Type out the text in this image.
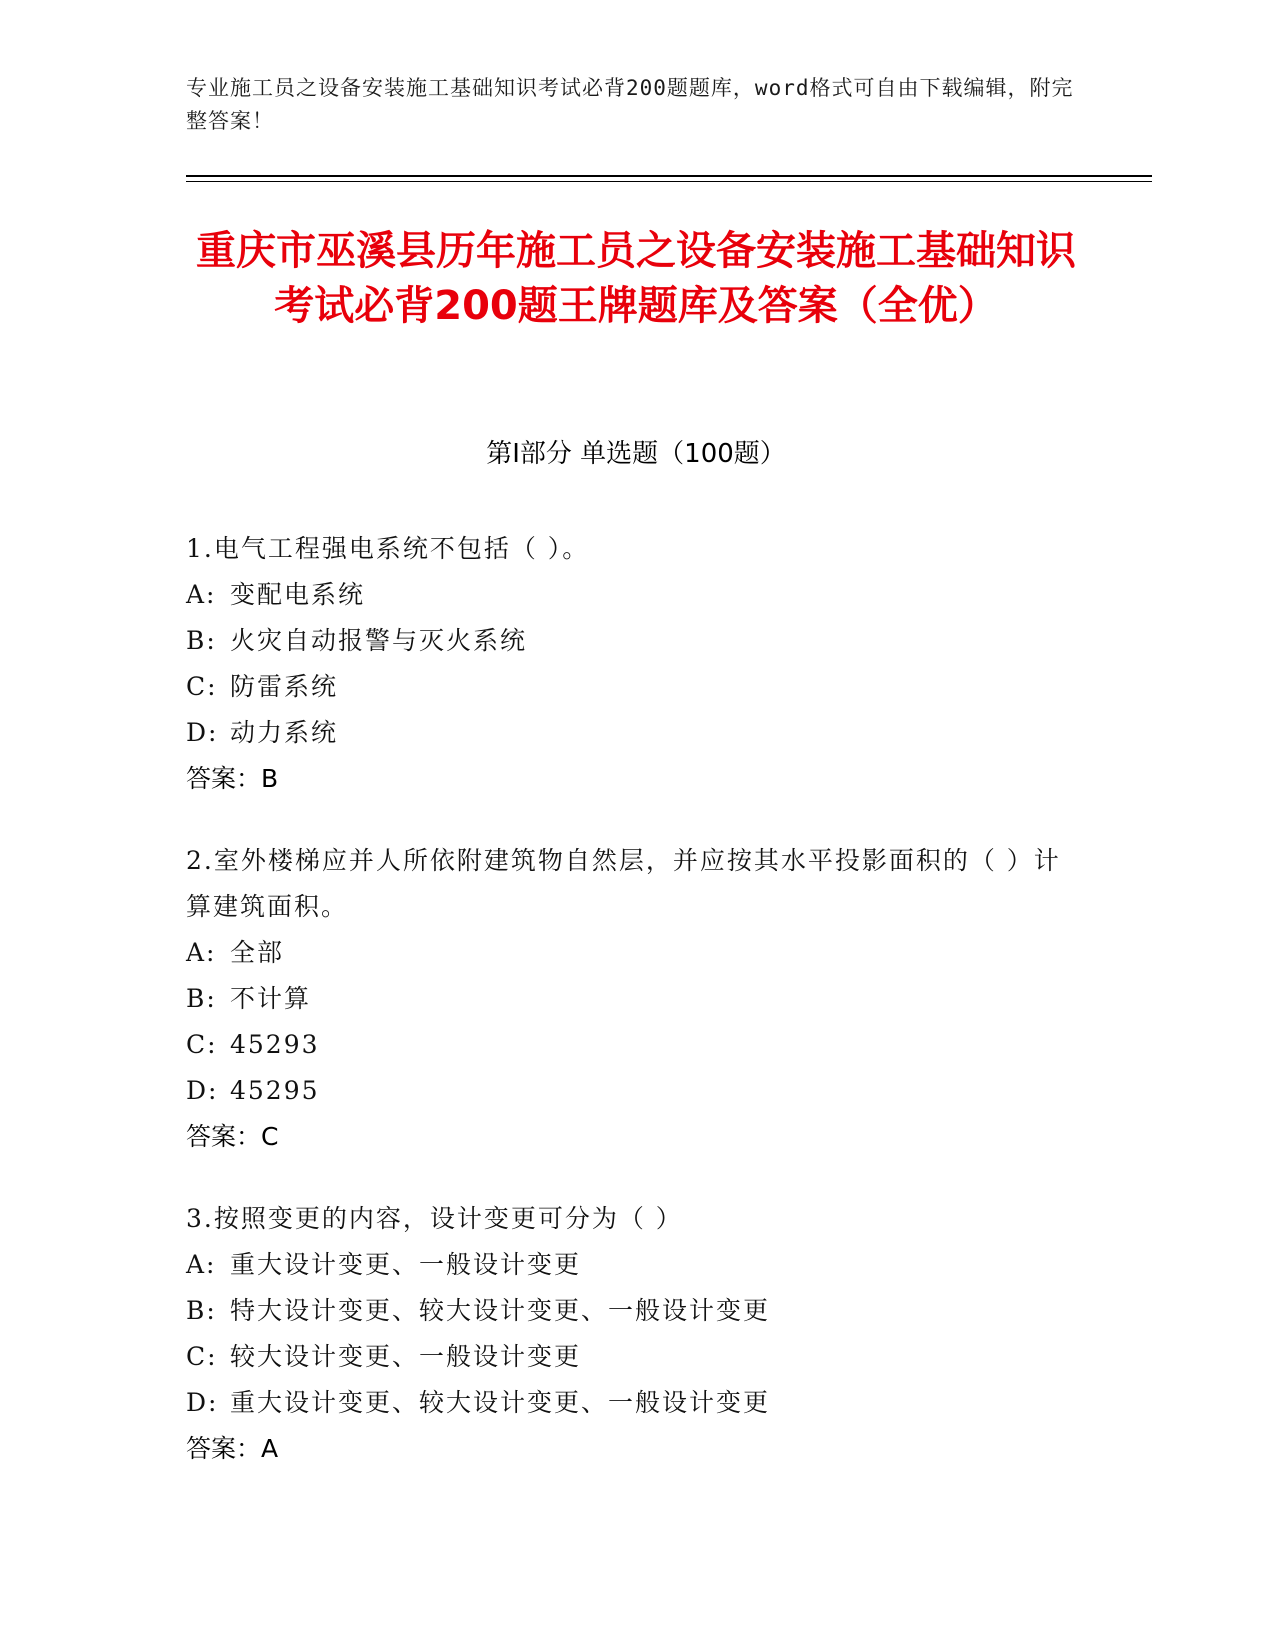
专业施工员之设备安装施工基础知识考试必背200题题库，word格式可自由下载编辑，附完整答案！
重庆市巫溪县历年施工员之设备安装施工基础知识考试必背200题王牌题库及答案（全优）
第Ⅰ部分 单选题（100题）
1.电气工程强电系统不包括（ ）。
A: 变配电系统
B: 火灾自动报警与灭火系统
C: 防雷系统
D: 动力系统
答案：B
2.室外楼梯应并人所依附建筑物自然层，并应按其水平投影面积的（ ）计算建筑面积。
A: 全部
B: 不计算
C: 45293
D: 45295
答案：C
3.按照变更的内容，设计变更可分为（ ）
A: 重大设计变更、一般设计变更
B: 特大设计变更、较大设计变更、一般设计变更
C: 较大设计变更、一般设计变更
D: 重大设计变更、较大设计变更、一般设计变更
答案：A
